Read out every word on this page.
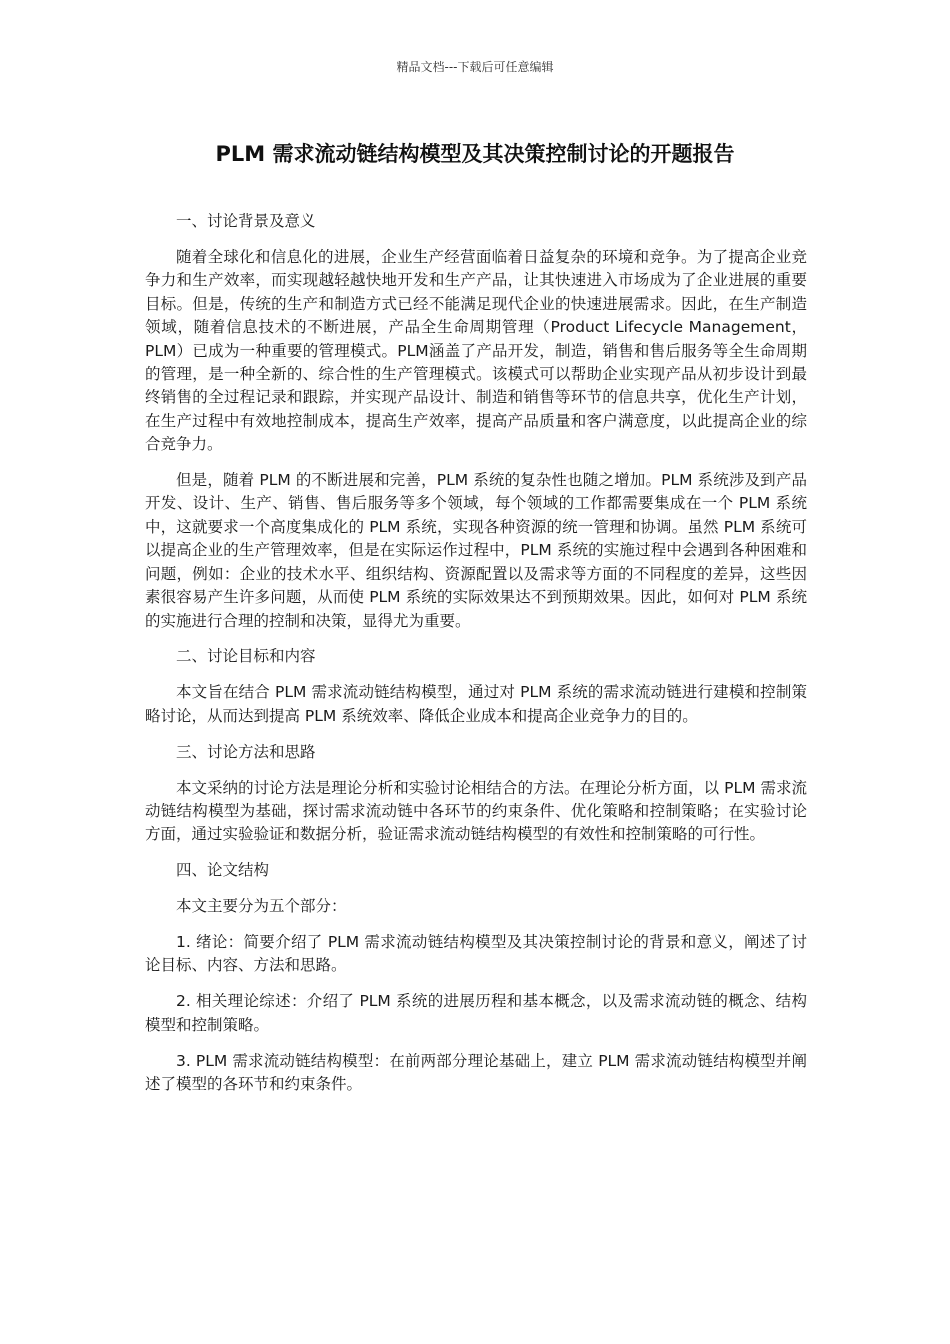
精品文档---下载后可任意编辑
PLM 需求流动链结构模型及其决策控制讨论的开题报告

一、讨论背景及意义

随着全球化和信息化的进展，企业生产经营面临着日益复杂的环境和竞争。为了提高企业竞争力和生产效率，而实现越轻越快地开发和生产产品，让其快速进入市场成为了企业进展的重要目标。但是，传统的生产和制造方式已经不能满足现代企业的快速进展需求。因此，在生产制造领域，随着信息技术的不断进展，产品全生命周期管理（Product Lifecycle Management，PLM）已成为一种重要的管理模式。PLM涵盖了产品开发，制造，销售和售后服务等全生命周期的管理，是一种全新的、综合性的生产管理模式。该模式可以帮助企业实现产品从初步设计到最终销售的全过程记录和跟踪，并实现产品设计、制造和销售等环节的信息共享，优化生产计划，在生产过程中有效地控制成本，提高生产效率，提高产品质量和客户满意度，以此提高企业的综合竞争力。

但是，随着 PLM 的不断进展和完善，PLM 系统的复杂性也随之增加。PLM 系统涉及到产品开发、设计、生产、销售、售后服务等多个领域，每个领域的工作都需要集成在一个 PLM 系统中，这就要求一个高度集成化的 PLM 系统，实现各种资源的统一管理和协调。虽然 PLM 系统可以提高企业的生产管理效率，但是在实际运作过程中，PLM 系统的实施过程中会遇到各种困难和问题，例如：企业的技术水平、组织结构、资源配置以及需求等方面的不同程度的差异，这些因素很容易产生许多问题，从而使 PLM 系统的实际效果达不到预期效果。因此，如何对 PLM 系统的实施进行合理的控制和决策，显得尤为重要。

二、讨论目标和内容

本文旨在结合 PLM 需求流动链结构模型，通过对 PLM 系统的需求流动链进行建模和控制策略讨论，从而达到提高 PLM 系统效率、降低企业成本和提高企业竞争力的目的。

三、讨论方法和思路

本文采纳的讨论方法是理论分析和实验讨论相结合的方法。在理论分析方面，以 PLM 需求流动链结构模型为基础，探讨需求流动链中各环节的约束条件、优化策略和控制策略；在实验讨论方面，通过实验验证和数据分析，验证需求流动链结构模型的有效性和控制策略的可行性。

四、论文结构

本文主要分为五个部分：

1. 绪论：简要介绍了 PLM 需求流动链结构模型及其决策控制讨论的背景和意义，阐述了讨论目标、内容、方法和思路。

2. 相关理论综述：介绍了 PLM 系统的进展历程和基本概念，以及需求流动链的概念、结构模型和控制策略。

3. PLM 需求流动链结构模型：在前两部分理论基础上，建立 PLM 需求流动链结构模型并阐述了模型的各环节和约束条件。
